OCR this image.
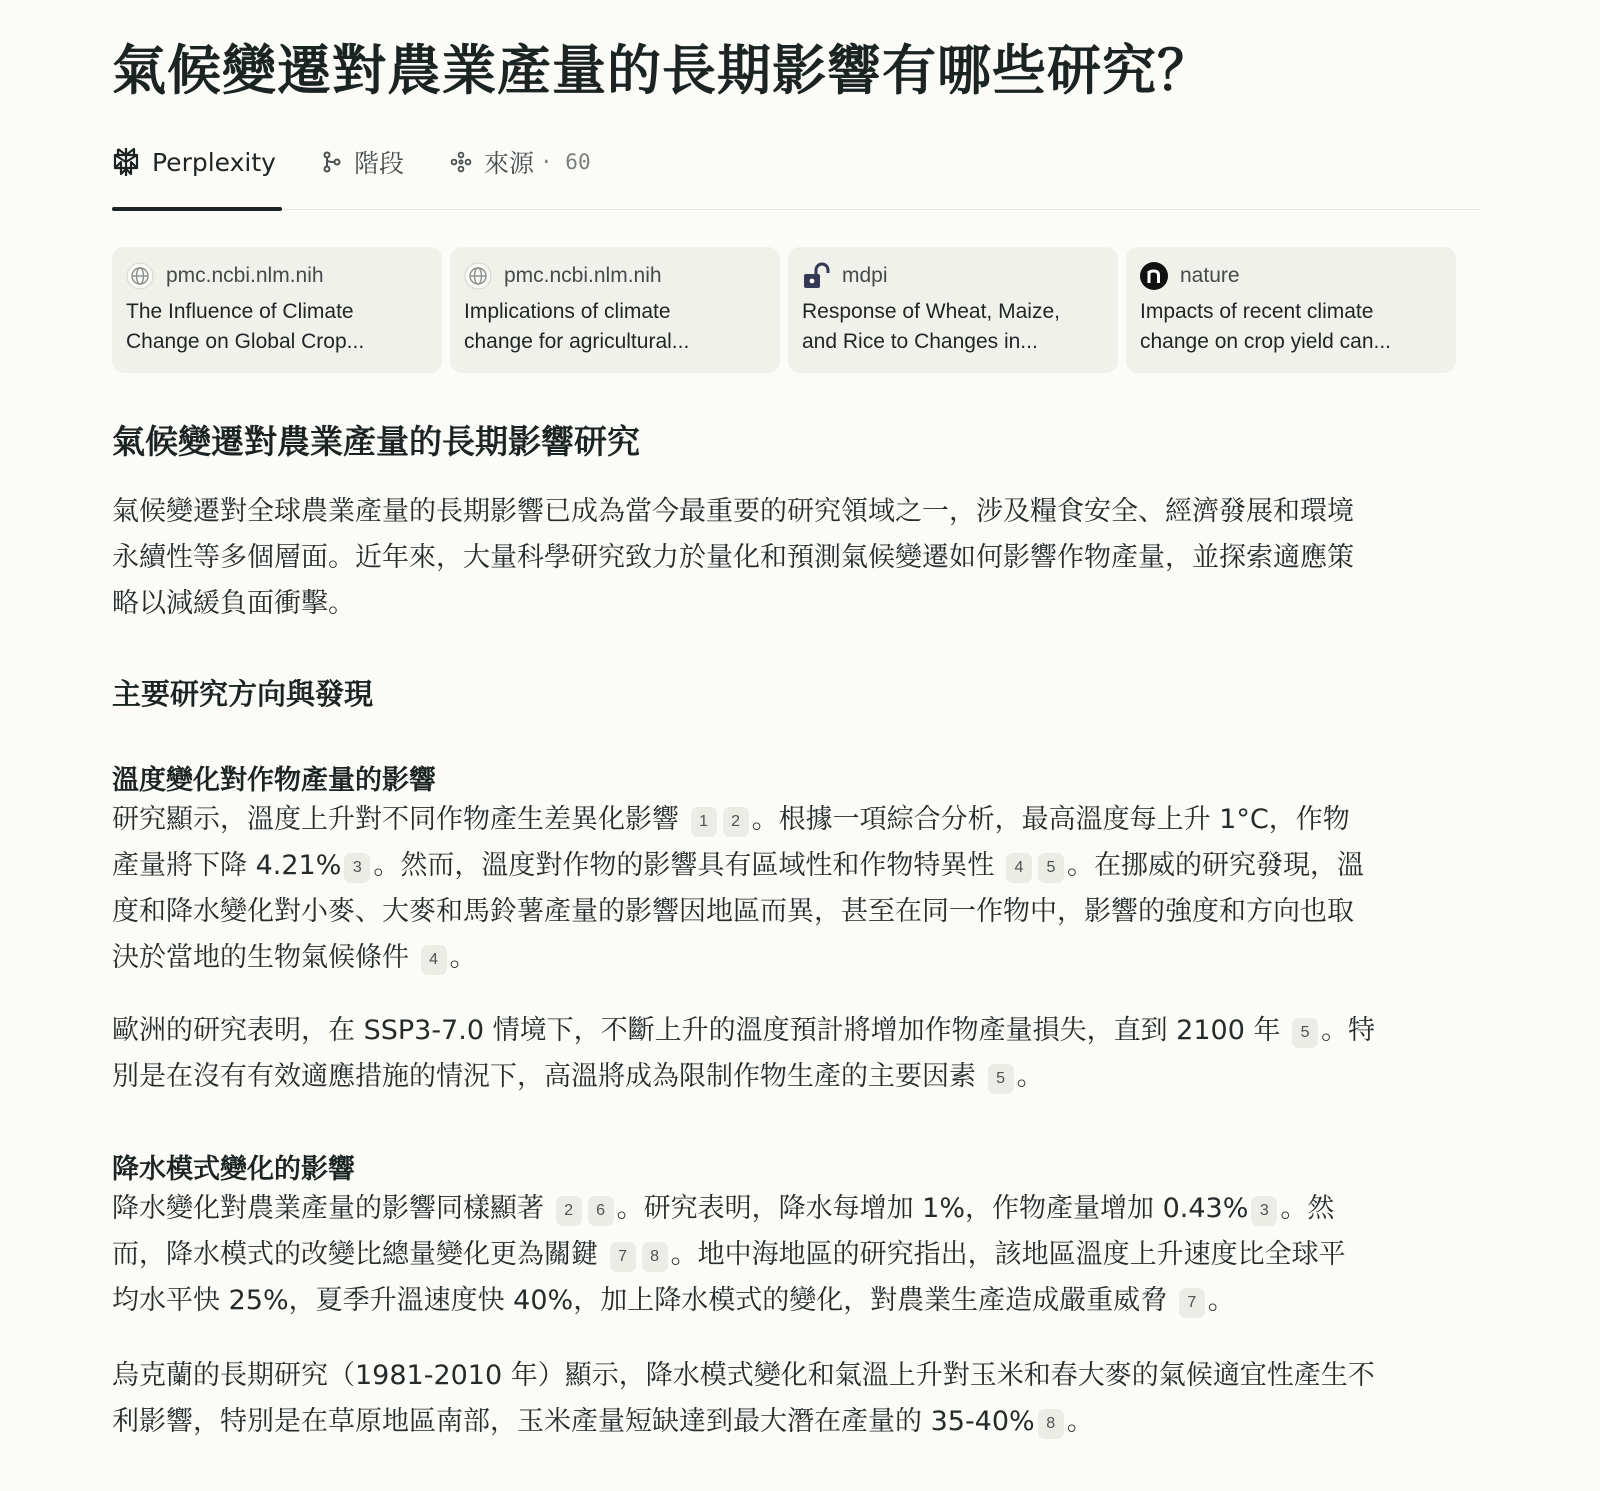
氣候變遷對農業產量的長期影響有哪些研究？
Perplexity	階段	來源 · 60
pmc.ncbi.nlm.nih
The Influence of Climate
Change on Global Crop...
pmc.ncbi.nlm.nih
Implications of climate
change for agricultural...
mdpi
Response of Wheat, Maize,
and Rice to Changes in...
nature
Impacts of recent climate
change on crop yield can...
氣候變遷對農業產量的長期影響研究
氣候變遷對全球農業產量的長期影響已成為當今最重要的研究領域之一，涉及糧食安全、經濟發展和環境
永續性等多個層面。近年來，大量科學研究致力於量化和預測氣候變遷如何影響作物產量，並探索適應策
略以減緩負面衝擊。
主要研究方向與發現
溫度變化對作物產量的影響
研究顯示，溫度上升對不同作物產生差異化影響 1 2 。根據一項綜合分析，最高溫度每上升 1°C，作物
產量將下降 4.21% 3 。然而，溫度對作物的影響具有區域性和作物特異性 4 5 。在挪威的研究發現，溫
度和降水變化對小麥、大麥和馬鈴薯產量的影響因地區而異，甚至在同一作物中，影響的強度和方向也取
決於當地的生物氣候條件 4 。
歐洲的研究表明，在 SSP3-7.0 情境下，不斷上升的溫度預計將增加作物產量損失，直到 2100 年 5 。特
別是在沒有有效適應措施的情況下，高溫將成為限制作物生產的主要因素 5 。
降水模式變化的影響
降水變化對農業產量的影響同樣顯著 2 6 。研究表明，降水每增加 1%，作物產量增加 0.43% 3 。然
而，降水模式的改變比總量變化更為關鍵 7 8 。地中海地區的研究指出，該地區溫度上升速度比全球平
均水平快 25%，夏季升溫速度快 40%，加上降水模式的變化，對農業生產造成嚴重威脅 7 。
烏克蘭的長期研究（1981-2010 年）顯示，降水模式變化和氣溫上升對玉米和春大麥的氣候適宜性產生不
利影響，特別是在草原地區南部，玉米產量短缺達到最大潛在產量的 35-40% 8 。
